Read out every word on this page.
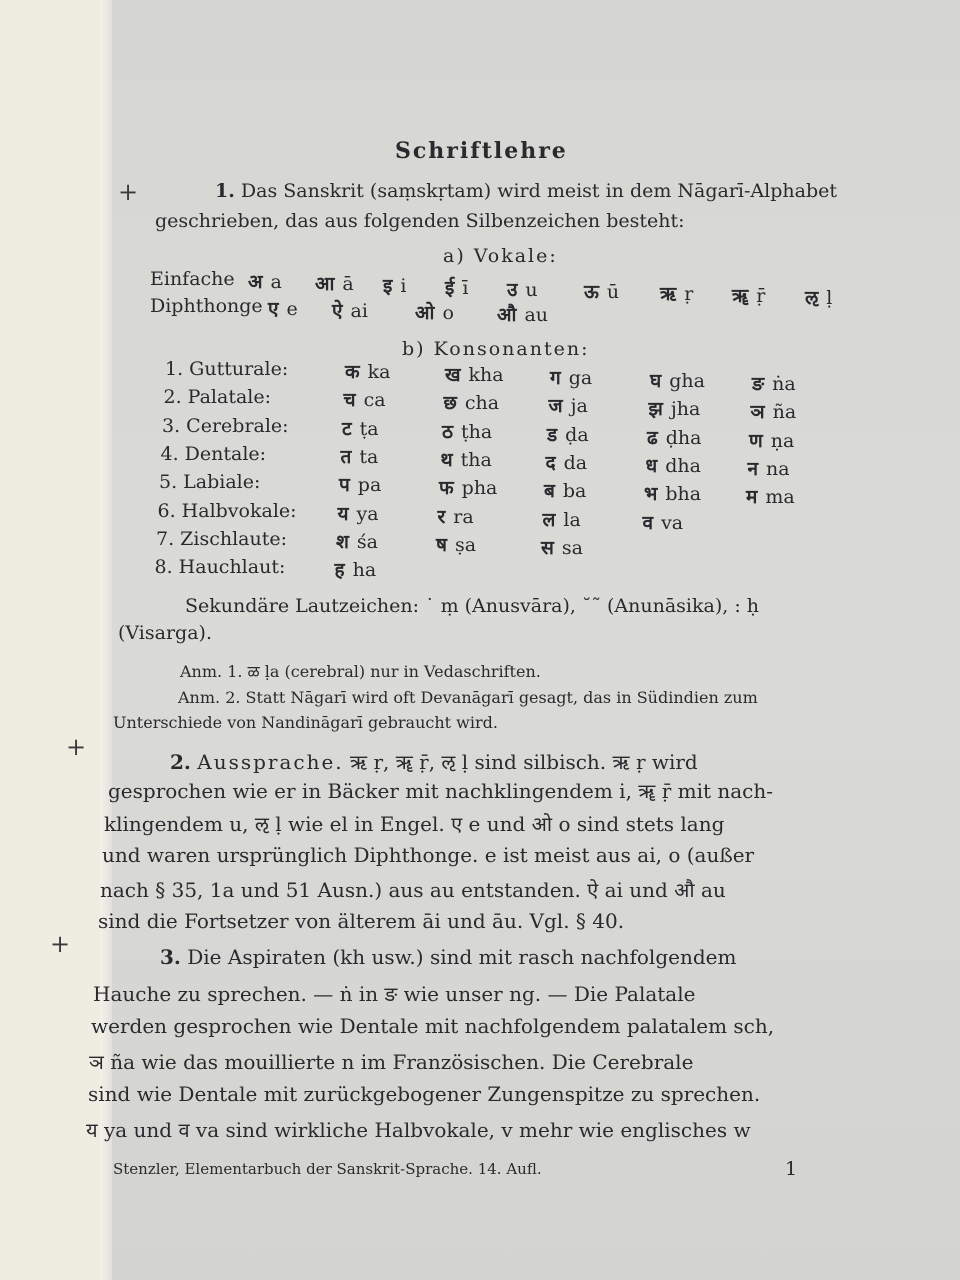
Schriftlehre
+
+
+
1. Das Sanskrit (saṃskṛtam) wird meist in dem Nāgarī-Alphabet
geschrieben, das aus folgenden Silbenzeichen besteht:
a) Vokale:
Einfache अ a आ ā इ i ई ī उ u ऊ ū ऋ ṛ ॠ ṝ ऌ ḷ
Diphthonge ए e ऐ ai ओ o औ au
b) Konsonanten:
1. Gutturale:	क ka	ख kha ग ga	घ gha ङ ṅa
2. Palatale:	च ca	छ cha	ज ja	झ jha	ञ ña
3. Cerebrale:	ट ṭa	ठ ṭha	ड ḍa	ढ ḍha	ण ṇa
4. Dentale:	त ta	थ tha	द da	ध dha न na
5. Labiale:	प pa	फ pha ब ba	भ bha म ma
6. Halbvokale: य ya	र ra	ल la	व va
7. Zischlaute:	श śa	ष ṣa	स sa
8. Hauchlaut:	ह ha
Sekundäre Lautzeichen: ˙ ṃ (Anusvāra), ˘˜ (Anunāsika), : ḥ
(Visarga).
Anm. 1. ळ ḷa (cerebral) nur in Vedaschriften.
Anm. 2. Statt Nāgarī wird oft Devanāgarī gesagt, das in Südindien zum
Unterschiede von Nandināgarī gebraucht wird.
2. Aussprache. ऋ ṛ, ॠ ṝ, ऌ ḷ sind silbisch. ऋ ṛ wird
gesprochen wie er in Bäcker mit nachklingendem i, ॠ ṝ mit nach-
klingendem u, ऌ ḷ wie el in Engel. ए e und ओ o sind stets lang
und waren ursprünglich Diphthonge. e ist meist aus ai, o (außer
nach § 35, 1a und 51 Ausn.) aus au entstanden. ऐ ai und औ au
sind die Fortsetzer von älterem āi und āu. Vgl. § 40.
3. Die Aspiraten (kh usw.) sind mit rasch nachfolgendem
Hauche zu sprechen. — ṅ in ङ wie unser ng. — Die Palatale
werden gesprochen wie Dentale mit nachfolgendem palatalem sch,
ञ ña wie das mouillierte n im Französischen. Die Cerebrale
sind wie Dentale mit zurückgebogener Zungenspitze zu sprechen.
य ya und व va sind wirkliche Halbvokale, v mehr wie englisches w
Stenzler, Elementarbuch der Sanskrit-Sprache. 14. Aufl.	1
